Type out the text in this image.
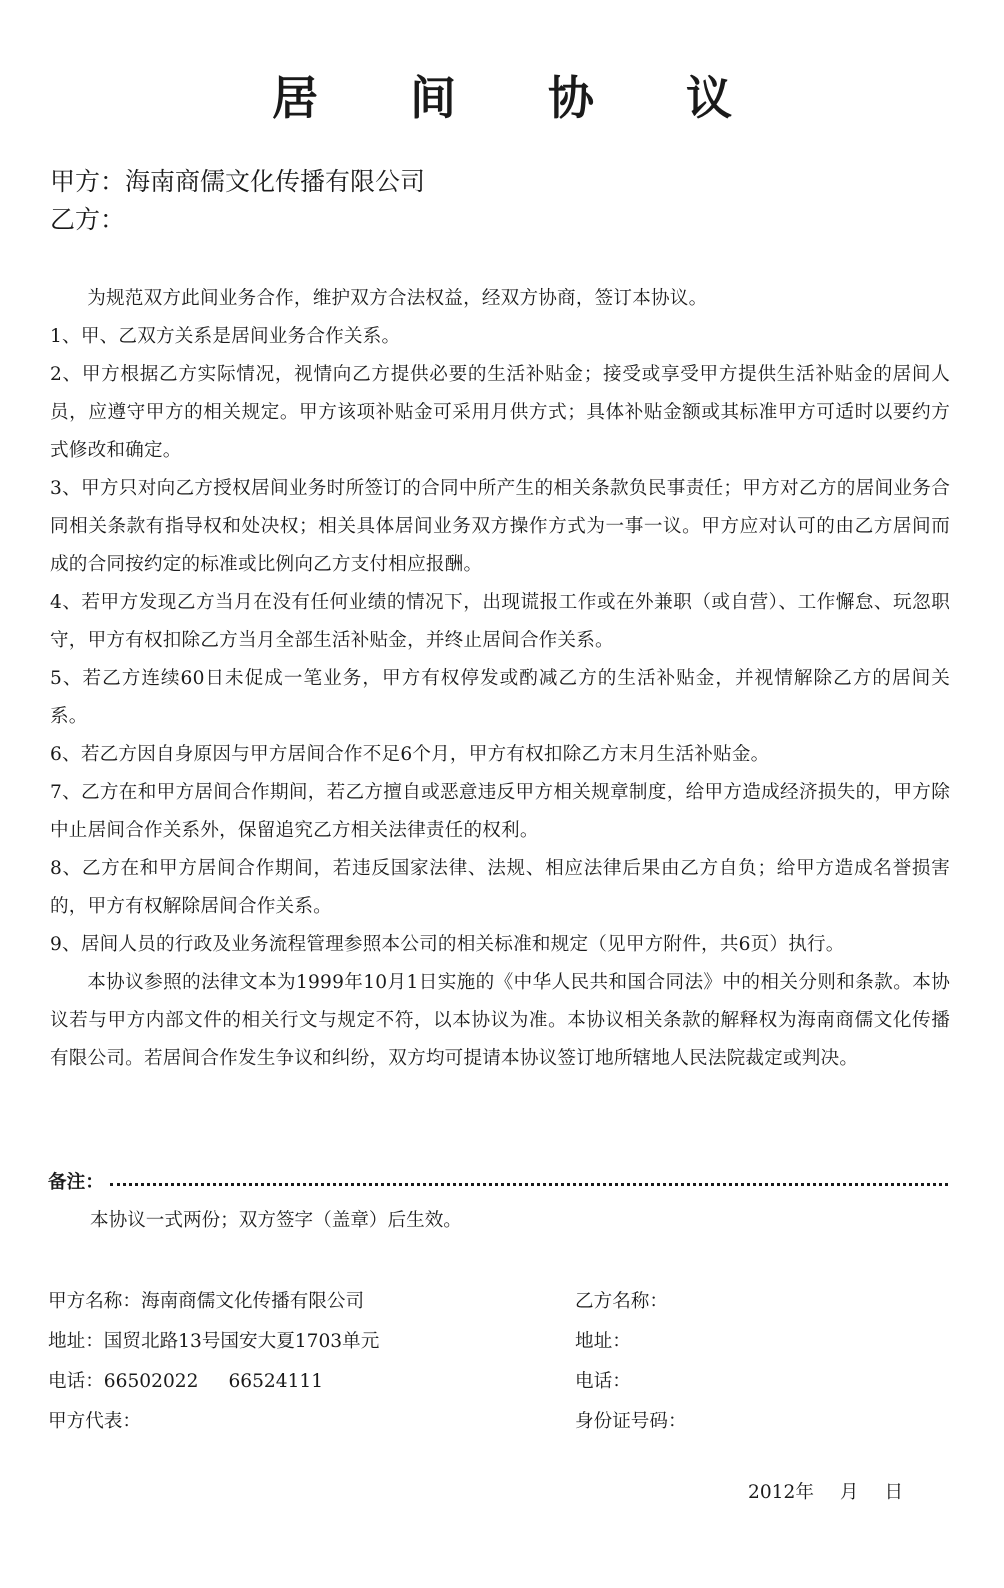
居 间 协 议
甲方：海南商儒文化传播有限公司
乙方：

为规范双方此间业务合作，维护双方合法权益，经双方协商，签订本协议。

1、甲、乙双方关系是居间业务合作关系。

2、甲方根据乙方实际情况，视情向乙方提供必要的生活补贴金；接受或享受甲方提供生活补贴金的居间人员，应遵守甲方的相关规定。甲方该项补贴金可采用月供方式；具体补贴金额或其标准甲方可适时以要约方式修改和确定。

3、甲方只对向乙方授权居间业务时所签订的合同中所产生的相关条款负民事责任；甲方对乙方的居间业务合同相关条款有指导权和处决权；相关具体居间业务双方操作方式为一事一议。甲方应对认可的由乙方居间而成的合同按约定的标准或比例向乙方支付相应报酬。

4、若甲方发现乙方当月在没有任何业绩的情况下，出现谎报工作或在外兼职（或自营）、工作懈怠、玩忽职守，甲方有权扣除乙方当月全部生活补贴金，并终止居间合作关系。

5、若乙方连续60日未促成一笔业务，甲方有权停发或酌减乙方的生活补贴金，并视情解除乙方的居间关系。

6、若乙方因自身原因与甲方居间合作不足6个月，甲方有权扣除乙方末月生活补贴金。

7、乙方在和甲方居间合作期间，若乙方擅自或恶意违反甲方相关规章制度，给甲方造成经济损失的，甲方除中止居间合作关系外，保留追究乙方相关法律责任的权利。

8、乙方在和甲方居间合作期间，若违反国家法律、法规、相应法律后果由乙方自负；给甲方造成名誉损害的，甲方有权解除居间合作关系。

9、居间人员的行政及业务流程管理参照本公司的相关标准和规定（见甲方附件，共6页）执行。

本协议参照的法律文本为1999年10月1日实施的《中华人民共和国合同法》中的相关分则和条款。本协议若与甲方内部文件的相关行文与规定不符，以本协议为准。本协议相关条款的解释权为海南商儒文化传播有限公司。若居间合作发生争议和纠纷，双方均可提请本协议签订地所辖地人民法院裁定或判决。

备注：
本协议一式两份；双方签字（盖章）后生效。
甲方名称：海南商儒文化传播有限公司
地址：国贸北路13号国安大夏1703单元
电话：66502022 66524111
甲方代表：
乙方名称：
地址：
电话：
身份证号码：
2012年 月 日
